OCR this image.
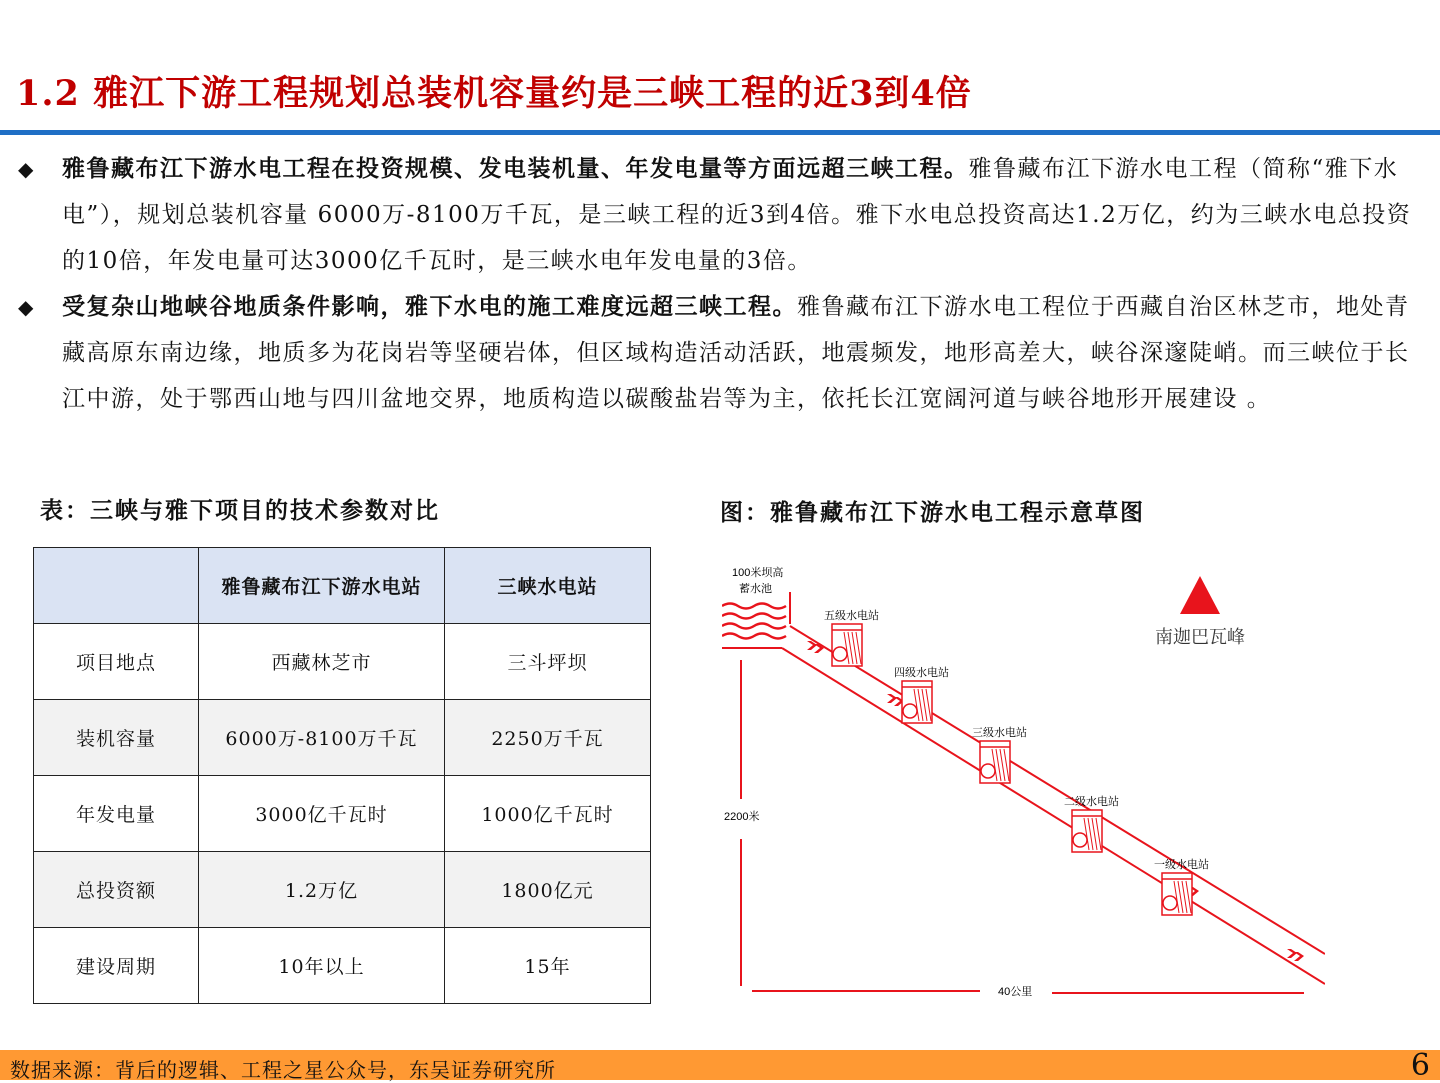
1.2 雅江下游工程规划总装机容量约是三峡工程的近3到4倍
◆ 雅鲁藏布江下游水电工程在投资规模、发电装机量、年发电量等方面远超三峡工程。雅鲁藏布江下游水电工程（简称“雅下水电”），规划总装机容量 6000万-8100万千瓦，是三峡工程的近3到4倍。雅下水电总投资高达1.2万亿，约为三峡水电总投资的10倍，年发电量可达3000亿千瓦时，是三峡水电年发电量的3倍。
◆ 受复杂山地峡谷地质条件影响，雅下水电的施工难度远超三峡工程。雅鲁藏布江下游水电工程位于西藏自治区林芝市，地处青藏高原东南边缘，地质多为花岗岩等坚硬岩体，但区域构造活动活跃，地震频发，地形高差大，峡谷深邃陡峭。而三峡位于长江中游，处于鄂西山地与四川盆地交界，地质构造以碳酸盐岩等为主，依托长江宽阔河道与峡谷地形开展建设 。
表：三峡与雅下项目的技术参数对比	图：雅鲁藏布江下游水电工程示意草图
	雅鲁藏布江下游水电站	三峡水电站
项目地点	西藏林芝市	三斗坪坝
装机容量	6000万-8100万千瓦	2250万千瓦
年发电量	3000亿千瓦时	1000亿千瓦时
总投资额	1.2万亿	1800亿元
建设周期	10年以上	15年
100米坝高
蓄水池
南迦巴瓦峰
2200米
40公里
五级水电站
四级水电站
三级水电站
二级水电站
一级水电站
数据来源：背后的逻辑、工程之星公众号，东吴证券研究所	6
